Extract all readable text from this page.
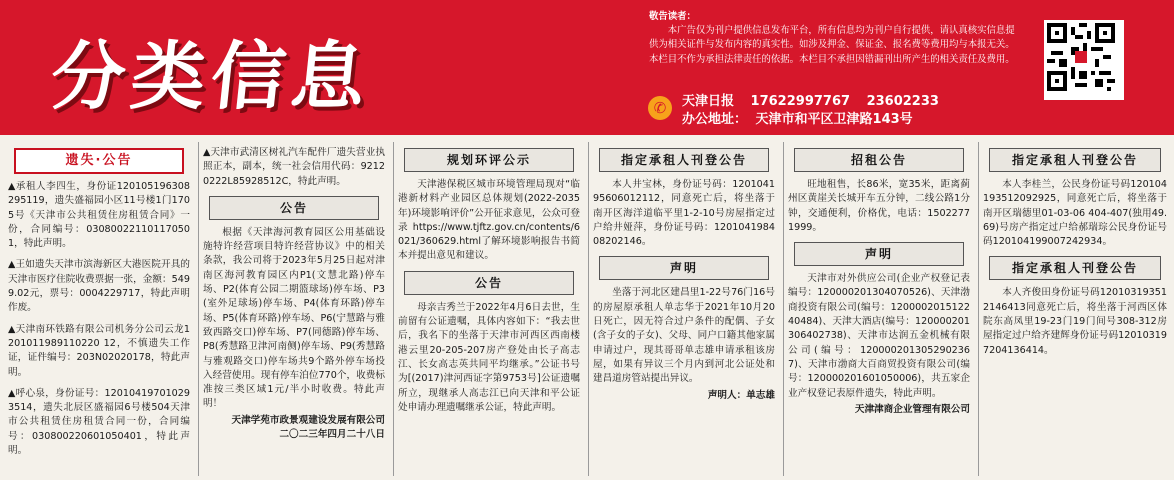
分类信息
敬告读者：
本广告仅为刊户提供信息发布平台，所有信息均为刊户自行提供，请认真核实信息提供为相关证件与发布内容的真实性。如涉及押金、保证金、报名费等费用均与本报无关。本栏目不作为承担法律责任的依据。本栏目不承担因错漏刊出所产生的相关责任及费用。
✆	天津日报 17622997767 23602233
办公地址： 天津市和平区卫津路143号
遗失·公告

▲承租人李四生，身份证120105196308295119，遗失盛福园小区11号楼1门1705号《天津市公共租赁住房租赁合同》一份，合同编号：030800221101170501，特此声明。

▲王如遗失天津市滨海新区大港医院开具的天津市医疗住院收费票据一张，金额：5499.02元，票号：0004229717，特此声明作废。

▲天津南环铁路有限公司机务分公司云龙1201011989110220 12，不慎遗失工作证，证件编号：203N02020178，特此声明。

▲呼心泉，身份证号：120104197010293514，遗失北辰区盛福园6号楼504天津市公共租赁住房租赁合同一份，合同编号：030800220601050401，特此声明。

▲天津市武清区树礼汽车配件厂遗失营业执照正本，副本，统一社会信用代码：92120222L85928512C，特此声明。

公告

根据《天津海河教育园区公用基础设施特许经营项目特许经营协议》中的相关条款，我公司将于2023年5月25日起对津南区海河教育园区内P1(文慧北路)停车场、P2(体育公园二期篮球场)停车场、P3(室外足球场)停车场、P4(体育环路)停车场、P5(体育环路)停车场、P6(宁慧路与雅致西路交口)停车场、P7(同德路)停车场、P8(秀慧路卫津河南侧)停车场、P9(秀慧路与雅观路交口)停车场共9个路外停车场投入经营使用。现有停车泊位770个，收费标准按三类区域1元/半小时收费。特此声明！

天津学苑市政景观建设发展有限公司

二〇二三年四月二十八日

规划环评公示

天津港保税区城市环境管理局现对“临港新材料产业园区总体规划(2022-2035年)环境影响评价”公开征求意见，公众可登录https://www.tjftz.gov.cn/contents/6021/360629.html了解环境影响报告书简本并提出意见和建议。

公告

母亲吉秀兰于2022年4月6日去世，生前留有公证遗嘱，具体内容如下：“我去世后，我名下的坐落于天津市河西区西南楼港云里20-205-207房产登处由长子高志江、长女高志英共同平均继承。”公证书号为[(2017)津河西证字第9753号]公证遗嘱所立，现继承人高志江已向天津和平公证处申请办理遗嘱继承公证，特此声明。

指定承租人刊登公告

本人井宝林，身份证号码：120104195606012112，同意死亡后，将坐落于南开区海洋道临平里1-2-10号房屋指定过户给井娅萍，身份证号码：120104198408202146。

声明

坐落于河北区建昌里1-22号76门16号的房屋原承租人单志华于2021年10月20日死亡，因无符合过户条件的配偶、子女(含子女的子女)、父母、同户口籍其他家属申请过户，现其哥哥单志雄申请承租该房屋，如果有异议三个月内到河北公证处和建昌道房管站提出异议。

声明人：单志雄

招租公告

旺地租售，长86米，宽35米，距离蓟州区黄崖关长城开车五分钟，二线公路1分钟，交通便利，价格优，电话：15022771999。

声明

天津市对外供应公司(企业产权登记表编号：120000201304070526)、天津渤商投资有限公司(编号：120000201512240484)、天津大酒店(编号：120000201306402738)、天津市达润五金机械有限公司(编号：120000201305290236 7)、天津市渤商大百商贸投资有限公司(编号：120000201601050006)，共五家企业产权登记表原件遗失，特此声明。

天津津商企业管理有限公司

指定承租人刊登公告

本人李桂兰，公民身份证号码120104193512092925，同意死亡后，将坐落于南开区瑞德里01-03-06 404-407(独用49.69)号房产指定过户给郝瑞琮公民身份证号码120104199007242934。

指定承租人刊登公告

本人齐俊田身份证号码120103193512146413同意死亡后，将坐落于河西区体院东高凤里19-23门19门间号308-312房屋指定过户给齐建辉身份证号码120103197204136414。
